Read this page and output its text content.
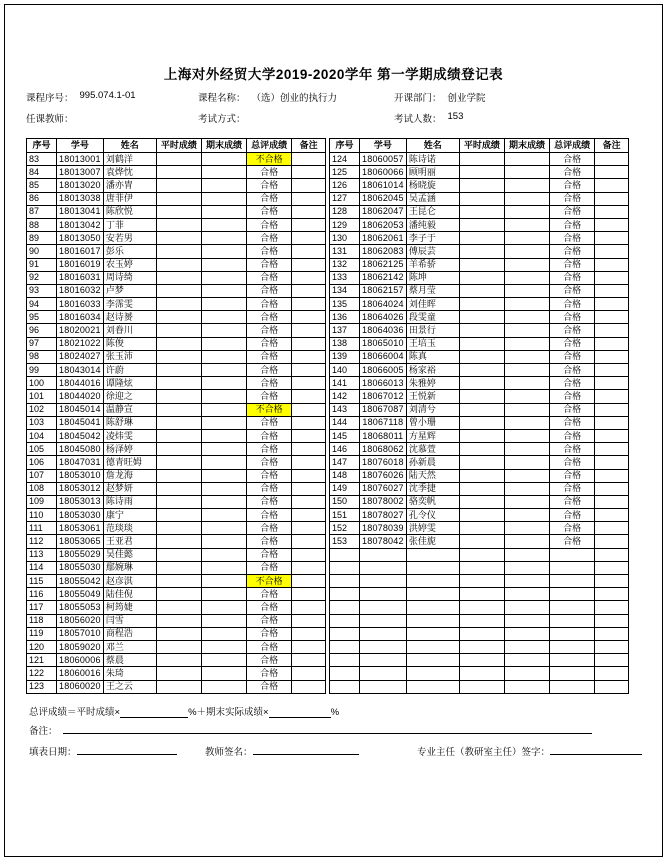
上海对外经贸大学2019-2020学年 第一学期成绩登记表
课程序号： 995.074.1-01	课程名称： （选）创业的执行力	开课部门： 创业学院
任课教师：	考试方式：	考试人数： 153
序号	学号	姓名	平时成绩	期末成绩	总评成绩	备注
83	18013001	刘鹤洋			不合格	
84	18013007	袁烨忱			合格	
85	18013020	潘亦胄			合格	
86	18013038	唐菲伊			合格	
87	18013041	陈欣悦			合格	
88	18013042	丁菲			合格	
89	18013050	安若男			合格	
90	18016017	彭乐			合格	
91	18016019	农玉婷			合格	
92	18016031	周诗绮			合格	
93	18016032	卢梦			合格	
94	18016033	李霈雯			合格	
95	18016034	赵诗赟			合格	
96	18020021	刘眷川			合格	
97	18021022	陈俊			合格	
98	18024027	张玉沛			合格	
99	18043014	许蔚			合格	
100	18044016	谭隆炫			合格	
101	18044020	徐迎之			合格	
102	18045014	温静宣			不合格	
103	18045041	陈舒琳			合格	
104	18045042	凌炜雯			合格	
105	18045080	杨泽婷			合格	
106	18047031	德青旺姆			合格	
107	18053010	詹龙海			合格	
108	18053012	赵梦妍			合格	
109	18053013	陈诗雨			合格	
110	18053030	康宁			合格	
111	18053061	范琰琰			合格	
112	18053065	王亚君			合格	
113	18055029	吴佳懿			合格	
114	18055030	鄢婉琳			合格	
115	18055042	赵彦淇			不合格	
116	18055049	陆佳倪			合格	
117	18055053	柯筠婕			合格	
118	18056020	闫雪			合格	
119	18057010	商程浩			合格	
120	18059020	邓兰			合格	
121	18060006	蔡晨			合格	
122	18060016	朱琦			合格	
123	18060020	王之云			合格	
序号	学号	姓名	平时成绩	期末成绩	总评成绩	备注
124	18060057	陈诗诺			合格	
125	18060066	顾明丽			合格	
126	18061014	杨晓旋			合格	
127	18062045	吴孟涵			合格	
128	18062047	王昆仑			合格	
129	18062053	潘纯毅			合格	
130	18062061	李子于			合格	
131	18062083	傅辰芸			合格	
132	18062125	羊希骄			合格	
133	18062142	陈坤			合格	
134	18062157	蔡月莹			合格	
135	18064024	刘佳晖			合格	
136	18064026	段雯童			合格	
137	18064036	田景行			合格	
138	18065010	王培玉			合格	
139	18066004	陈真			合格	
140	18066005	杨家裕			合格	
141	18066013	朱雅婷			合格	
142	18067012	王悦新			合格	
143	18067087	刘清兮			合格	
144	18067118	曾小珊			合格	
145	18068011	方星辉			合格	
146	18068062	沈慕萱			合格	
147	18076018	孙新晨			合格	
148	18076026	陆天然			合格	
149	18076027	沈季捷			合格	
150	18078002	骆奕帆			合格	
151	18078027	孔令仪			合格	
152	18078039	洪婷雯			合格	
153	18078042	张佳旎			合格	

总评成绩＝平时成绩×	%＋期末实际成绩×	%
备注：
填表日期：	教师签名：	专业主任（教研室主任）签字：
